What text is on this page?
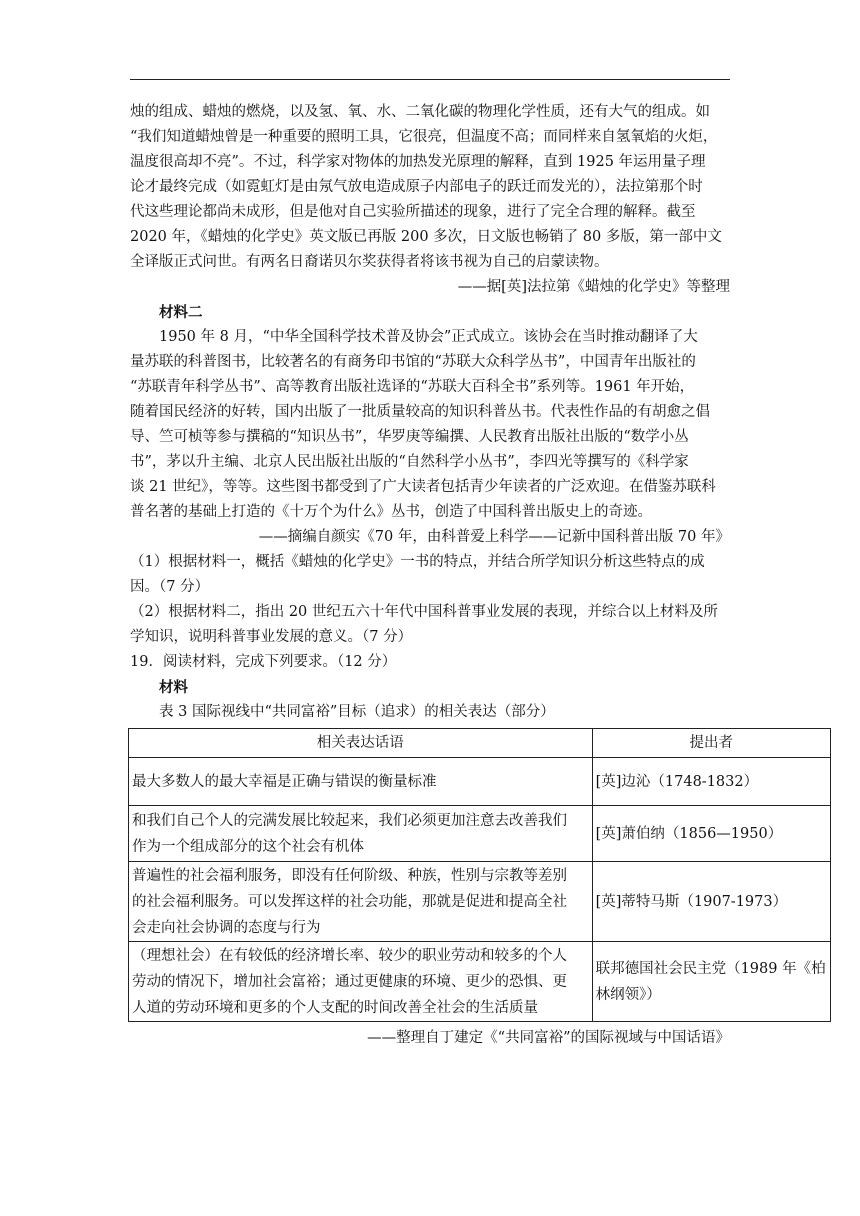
烛的组成、蜡烛的燃烧，以及氢、氧、水、二氧化碳的物理化学性质，还有大气的组成。如
“我们知道蜡烛曾是一种重要的照明工具，它很亮，但温度不高；而同样来自氢氧焰的火炬，
温度很高却不亮”。不过，科学家对物体的加热发光原理的解释，直到 1925 年运用量子理
论才最终完成（如霓虹灯是由氖气放电造成原子内部电子的跃迁而发光的），法拉第那个时
代这些理论都尚未成形，但是他对自己实验所描述的现象，进行了完全合理的解释。截至
2020 年，《蜡烛的化学史》英文版已再版 200 多次，日文版也畅销了 80 多版，第一部中文
全译版正式问世。有两名日裔诺贝尔奖获得者将该书视为自己的启蒙读物。
——据[英]法拉第《蜡烛的化学史》等整理
材料二
1950 年 8 月，“中华全国科学技术普及协会”正式成立。该协会在当时推动翻译了大
量苏联的科普图书，比较著名的有商务印书馆的“苏联大众科学丛书”，中国青年出版社的
“苏联青年科学丛书”、高等教育出版社选译的“苏联大百科全书”系列等。1961 年开始，
随着国民经济的好转，国内出版了一批质量较高的知识科普丛书。代表性作品的有胡愈之倡
导、竺可桢等参与撰稿的“知识丛书”，华罗庚等编撰、人民教育出版社出版的“数学小丛
书”，茅以升主编、北京人民出版社出版的“自然科学小丛书”，李四光等撰写的《科学家
谈 21 世纪》，等等。这些图书都受到了广大读者包括青少年读者的广泛欢迎。在借鉴苏联科
普名著的基础上打造的《十万个为什么》丛书，创造了中国科普出版史上的奇迹。
——摘编自颜实《70 年，由科普爱上科学——记新中国科普出版 70 年》
（1）根据材料一，概括《蜡烛的化学史》一书的特点，并结合所学知识分析这些特点的成
因。（7 分）
（2）根据材料二，指出 20 世纪五六十年代中国科普事业发展的表现，并综合以上材料及所
学知识，说明科普事业发展的意义。（7 分）
19．阅读材料，完成下列要求。（12 分）
材料
表 3 国际视线中“共同富裕”目标（追求）的相关表达（部分）
相关表达话语	提出者

最大多数人的最大幸福是正确与错误的衡量标准	[英]边沁（1748-1832）

和我们自己个人的完满发展比较起来，我们必须更加注意去改善我们
作为一个组成部分的这个社会有机体	[英]萧伯纳（1856—1950）

普遍性的社会福利服务，即没有任何阶级、种族，性别与宗教等差别
的社会福利服务。可以发挥这样的社会功能，那就是促进和提高全社
会走向社会协调的态度与行为	[英]蒂特马斯（1907-1973）

（理想社会）在有较低的经济增长率、较少的职业劳动和较多的个人
劳动的情况下，增加社会富裕；通过更健康的环境、更少的恐惧、更
人道的劳动环境和更多的个人支配的时间改善全社会的生活质量	联邦德国社会民主党（1989 年《柏
林纲领》）
——整理自丁建定《“共同富裕”的国际视域与中国话语》
